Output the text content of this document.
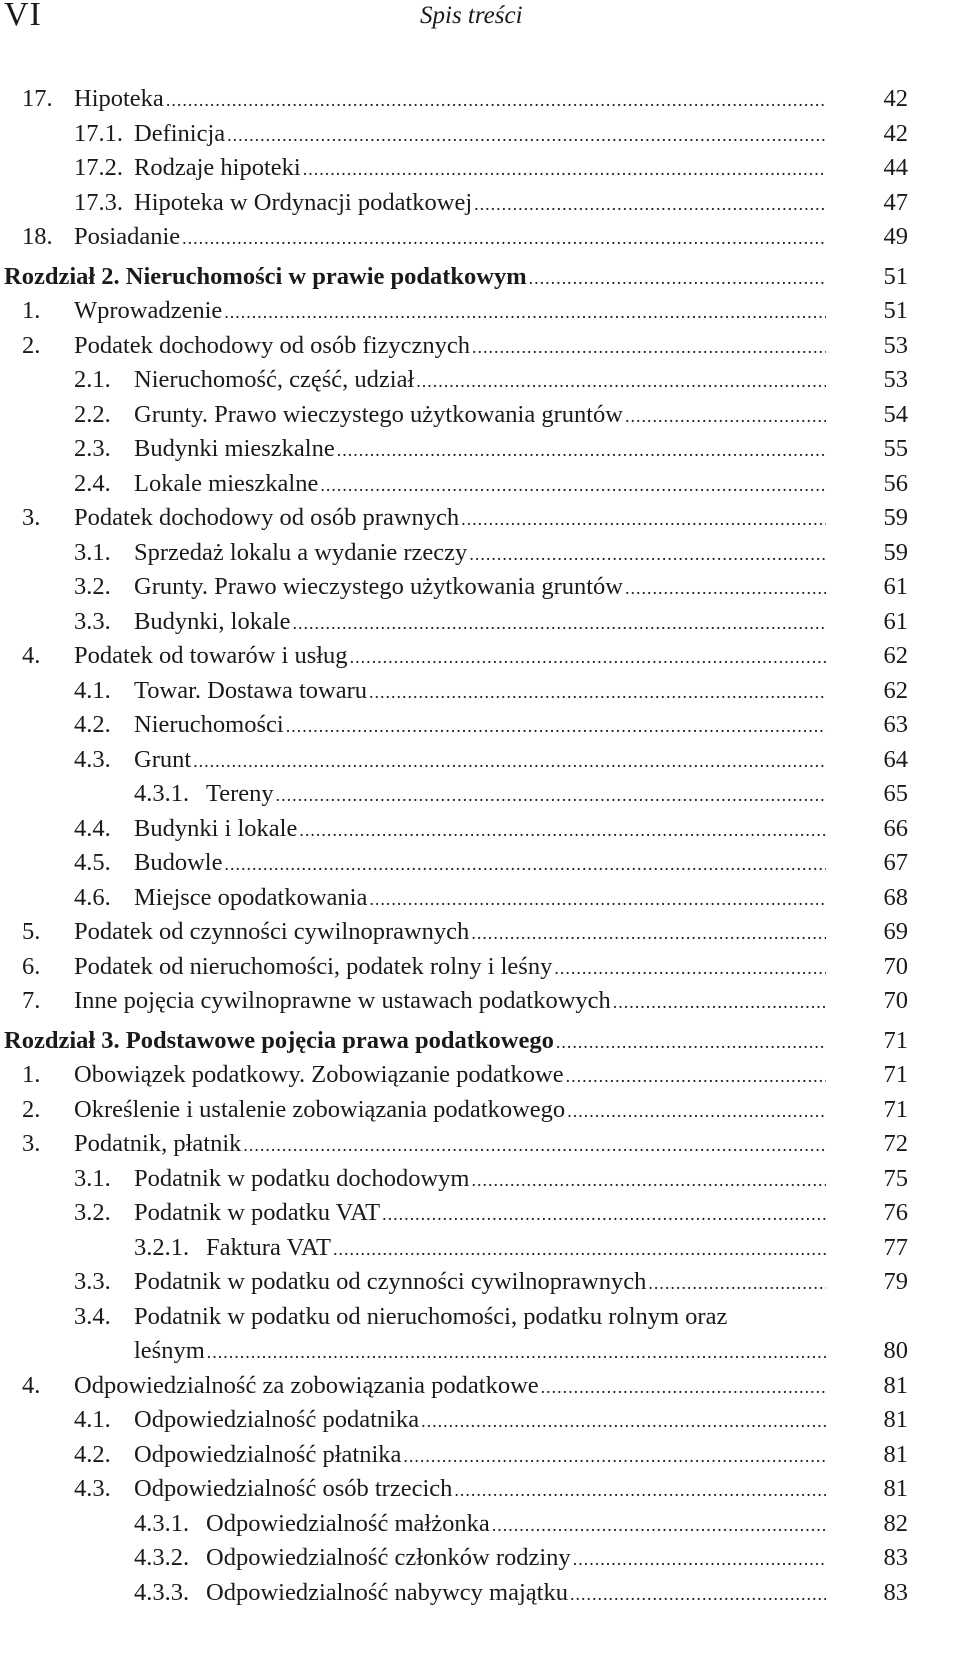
VI	Spis treści
17. Hipoteka .....	42
17.1. Definicja .....	42
17.2. Rodzaje hipoteki .....	44
17.3. Hipoteka w Ordynacji podatkowej .....	47
18. Posiadanie .....	49
Rozdział 2. Nieruchomości w prawie podatkowym .....	51
1. Wprowadzenie .....	51
2. Podatek dochodowy od osób fizycznych .....	53
2.1. Nieruchomość, część, udział .....	53
2.2. Grunty. Prawo wieczystego użytkowania gruntów .....	54
2.3. Budynki mieszkalne .....	55
2.4. Lokale mieszkalne .....	56
3. Podatek dochodowy od osób prawnych .....	59
3.1. Sprzedaż lokalu a wydanie rzeczy .....	59
3.2. Grunty. Prawo wieczystego użytkowania gruntów .....	61
3.3. Budynki, lokale .....	61
4. Podatek od towarów i usług .....	62
4.1. Towar. Dostawa towaru .....	62
4.2. Nieruchomości .....	63
4.3. Grunt .....	64
4.3.1. Tereny .....	65
4.4. Budynki i lokale .....	66
4.5. Budowle .....	67
4.6. Miejsce opodatkowania .....	68
5. Podatek od czynności cywilnoprawnych .....	69
6. Podatek od nieruchomości, podatek rolny i leśny .....	70
7. Inne pojęcia cywilnoprawne w ustawach podatkowych .....	70
Rozdział 3. Podstawowe pojęcia prawa podatkowego .....	71
1. Obowiązek podatkowy. Zobowiązanie podatkowe .....	71
2. Określenie i ustalenie zobowiązania podatkowego .....	71
3. Podatnik, płatnik .....	72
3.1. Podatnik w podatku dochodowym .....	75
3.2. Podatnik w podatku VAT .....	76
3.2.1. Faktura VAT .....	77
3.3. Podatnik w podatku od czynności cywilnoprawnych .....	79
3.4. Podatnik w podatku od nieruchomości, podatku rolnym oraz
leśnym .....	80
4. Odpowiedzialność za zobowiązania podatkowe .....	81
4.1. Odpowiedzialność podatnika .....	81
4.2. Odpowiedzialność płatnika .....	81
4.3. Odpowiedzialność osób trzecich .....	81
4.3.1. Odpowiedzialność małżonka .....	82
4.3.2. Odpowiedzialność członków rodziny .....	83
4.3.3. Odpowiedzialność nabywcy majątku .....	83
